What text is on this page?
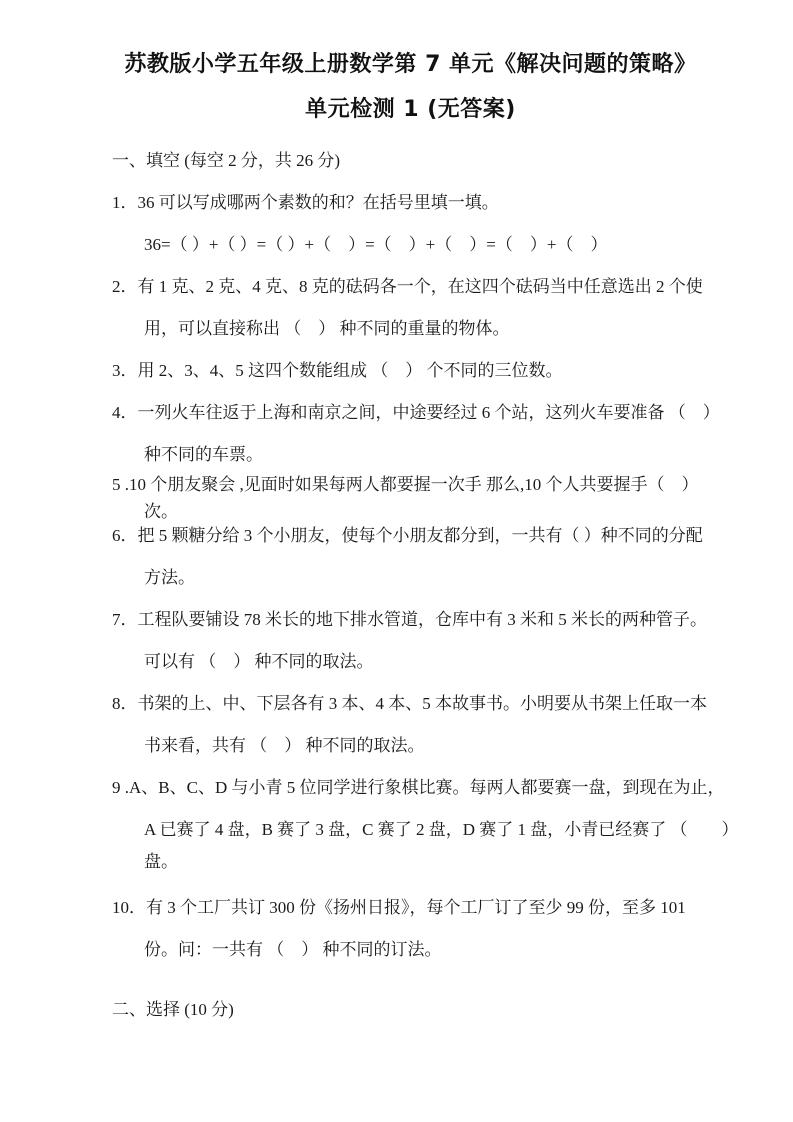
苏教版小学五年级上册数学第 7 单元《解决问题的策略》单元检测 1 (无答案)
一、填空 (每空 2 分，共 26 分)
1．36 可以写成哪两个素数的和？在括号里填一填。
36=（ ）+（ ）=（ ）+（　）=（　）+（　）=（　）+（　）
2．有 1 克、2 克、4 克、8 克的砝码各一个，在这四个砝码当中任意选出 2 个使
用，可以直接称出 （　） 种不同的重量的物体。
3．用 2、3、4、5 这四个数能组成 （　） 个不同的三位数。
4．一列火车往返于上海和南京之间，中途要经过 6 个站，这列火车要准备 （　）
种不同的车票。
5 .10 个朋友聚会 ,见面时如果每两人都要握一次手 那么,10 个人共要握手（　）
次。
6．把 5 颗糖分给 3 个小朋友，使每个小朋友都分到，一共有（ ）种不同的分配
方法。
7．工程队要铺设 78 米长的地下排水管道，仓库中有 3 米和 5 米长的两种管子。
可以有 （　） 种不同的取法。
8．书架的上、中、下层各有 3 本、4 本、5 本故事书。小明要从书架上任取一本
书来看，共有 （　） 种不同的取法。
9 .A、B、C、D 与小青 5 位同学进行象棋比赛。每两人都要赛一盘，到现在为止，
A 已赛了 4 盘，B 赛了 3 盘，C 赛了 2 盘，D 赛了 1 盘，小青已经赛了 （　　）
盘。
10．有 3 个工厂共订 300 份《扬州日报》，每个工厂订了至少 99 份，至多 101
份。问：一共有 （　） 种不同的订法。
二、选择 (10 分)
